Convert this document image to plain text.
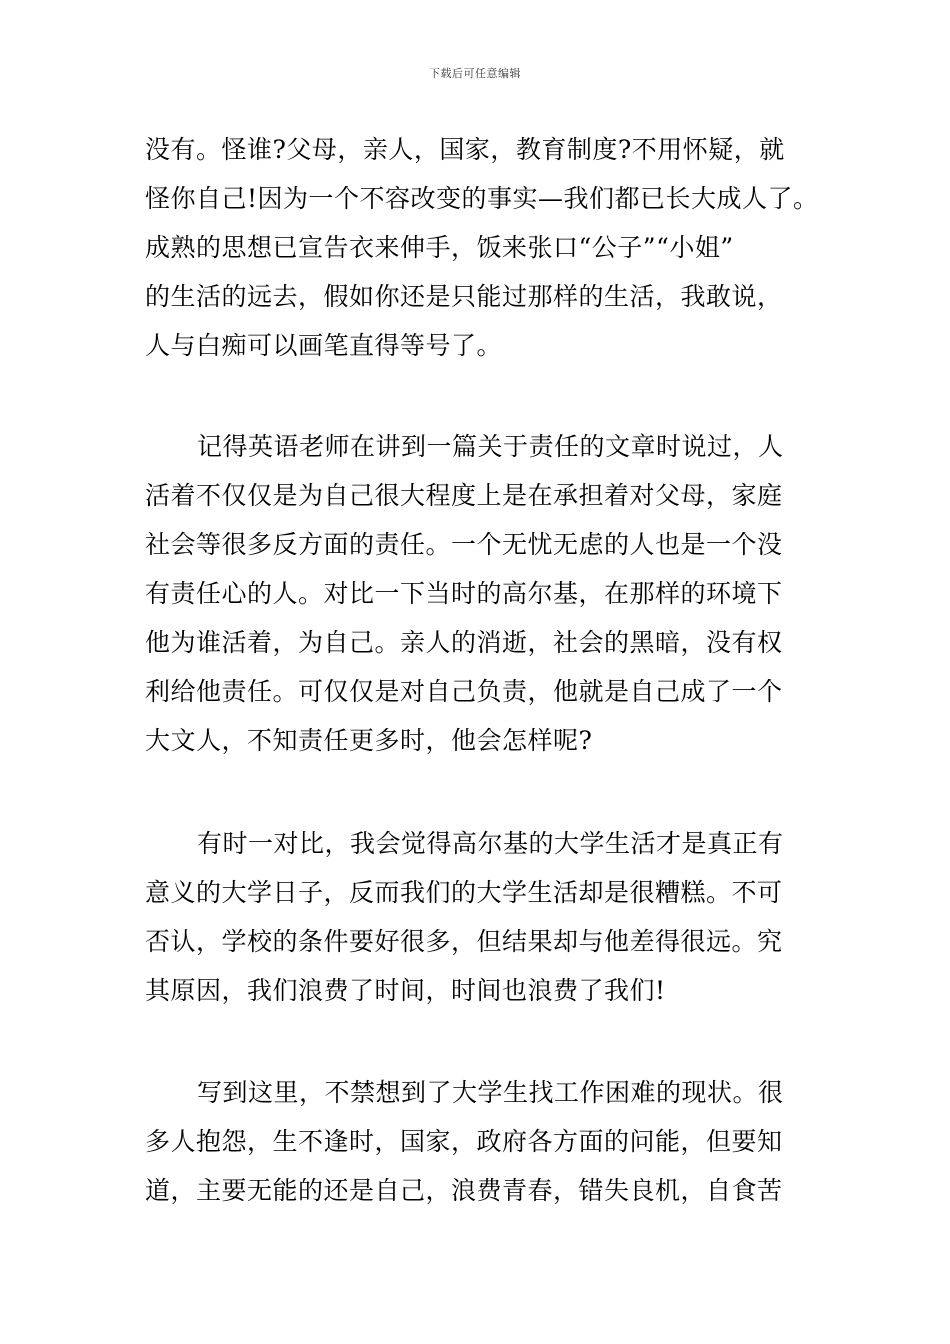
下载后可任意编辑
没有。怪谁?父母，亲人，国家，教育制度?不用怀疑，就
怪你自己!因为一个不容改变的事实—我们都已长大成人了。
成熟的思想已宣告衣来伸手，饭来张口“公子”“小姐”
的生活的远去，假如你还是只能过那样的生活，我敢说，
人与白痴可以画笔直得等号了。
记得英语老师在讲到一篇关于责任的文章时说过，人
活着不仅仅是为自己很大程度上是在承担着对父母，家庭
社会等很多反方面的责任。一个无忧无虑的人也是一个没
有责任心的人。对比一下当时的高尔基，在那样的环境下
他为谁活着，为自己。亲人的消逝，社会的黑暗，没有权
利给他责任。可仅仅是对自己负责，他就是自己成了一个
大文人，不知责任更多时，他会怎样呢?
有时一对比，我会觉得高尔基的大学生活才是真正有
意义的大学日子，反而我们的大学生活却是很糟糕。不可
否认，学校的条件要好很多，但结果却与他差得很远。究
其原因，我们浪费了时间，时间也浪费了我们!
写到这里，不禁想到了大学生找工作困难的现状。很
多人抱怨，生不逢时，国家，政府各方面的问能，但要知
道，主要无能的还是自己，浪费青春，错失良机，自食苦
